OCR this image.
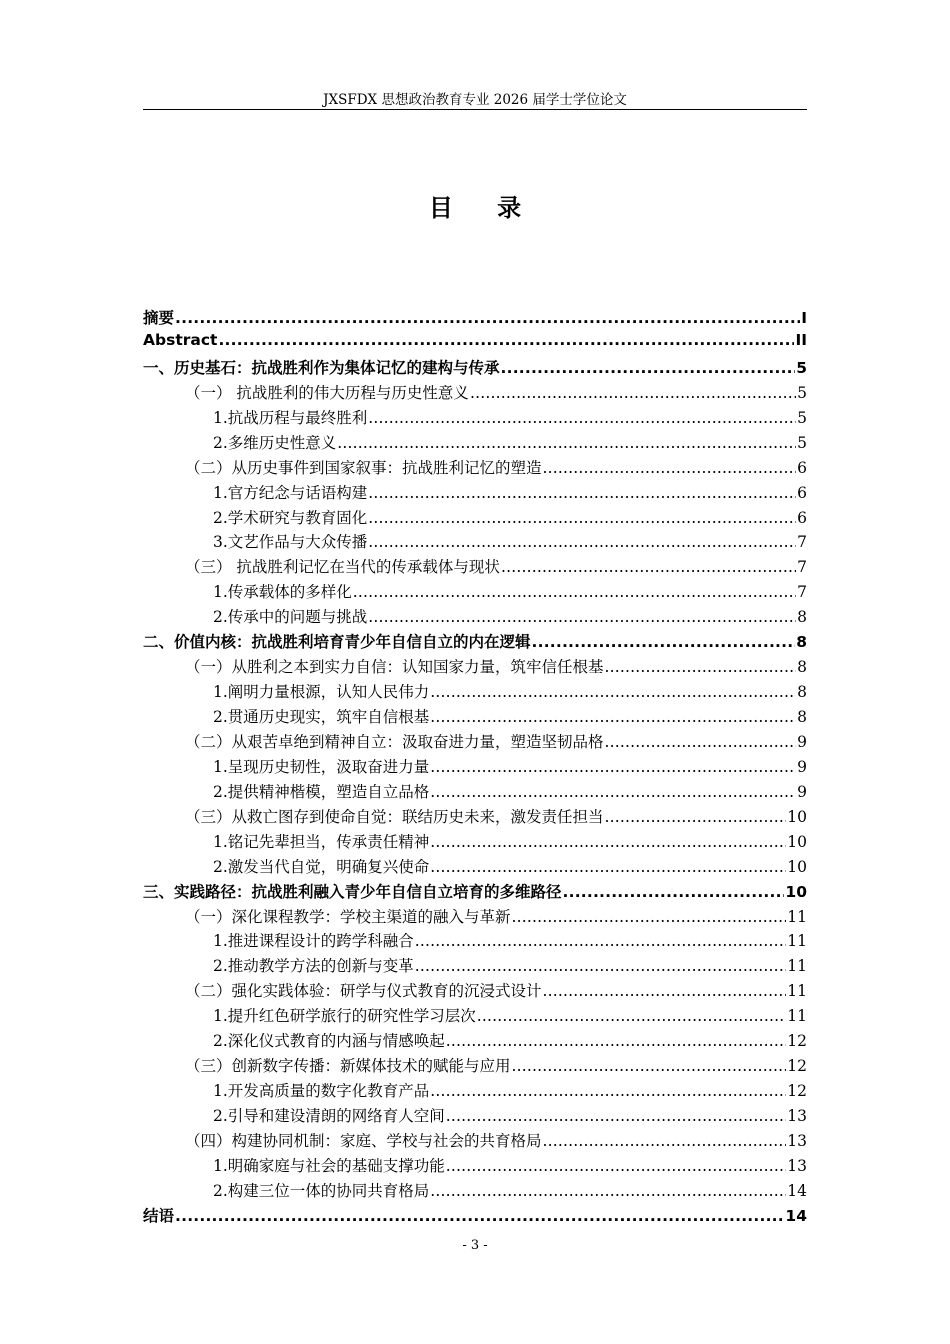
JXSFDX 思想政治教育专业 2026 届学士学位论文
目 录
摘要 .....	I
Abstract .....	II
一、历史基石：抗战胜利作为集体记忆的建构与传承 .....	5
（一） 抗战胜利的伟大历程与历史性意义 .....	5
1.抗战历程与最终胜利 .....	5
2.多维历史性意义 .....	5
（二）从历史事件到国家叙事：抗战胜利记忆的塑造 .....	6
1.官方纪念与话语构建 .....	6
2.学术研究与教育固化 .....	6
3.文艺作品与大众传播 .....	7
（三） 抗战胜利记忆在当代的传承载体与现状 .....	7
1.传承载体的多样化 .....	7
2.传承中的问题与挑战 .....	8
二、价值内核：抗战胜利培育青少年自信自立的内在逻辑 .....	8
（一）从胜利之本到实力自信：认知国家力量，筑牢信任根基 .....	8
1.阐明力量根源，认知人民伟力 .....	8
2.贯通历史现实，筑牢自信根基 .....	8
（二）从艰苦卓绝到精神自立：汲取奋进力量，塑造坚韧品格 .....	9
1.呈现历史韧性，汲取奋进力量 .....	9
2.提供精神楷模，塑造自立品格 .....	9
（三）从救亡图存到使命自觉：联结历史未来，激发责任担当 .....	10
1.铭记先辈担当，传承责任精神 .....	10
2.激发当代自觉，明确复兴使命 .....	10
三、实践路径：抗战胜利融入青少年自信自立培育的多维路径 .....	10
（一）深化课程教学：学校主渠道的融入与革新 .....	11
1.推进课程设计的跨学科融合 .....	11
2.推动教学方法的创新与变革 .....	11
（二）强化实践体验：研学与仪式教育的沉浸式设计 .....	11
1.提升红色研学旅行的研究性学习层次 .....	11
2.深化仪式教育的内涵与情感唤起 .....	12
（三）创新数字传播：新媒体技术的赋能与应用 .....	12
1.开发高质量的数字化教育产品 .....	12
2.引导和建设清朗的网络育人空间 .....	13
（四）构建协同机制：家庭、学校与社会的共育格局 .....	13
1.明确家庭与社会的基础支撑功能 .....	13
2.构建三位一体的协同共育格局 .....	14
结语 .....	14
- 3 -
